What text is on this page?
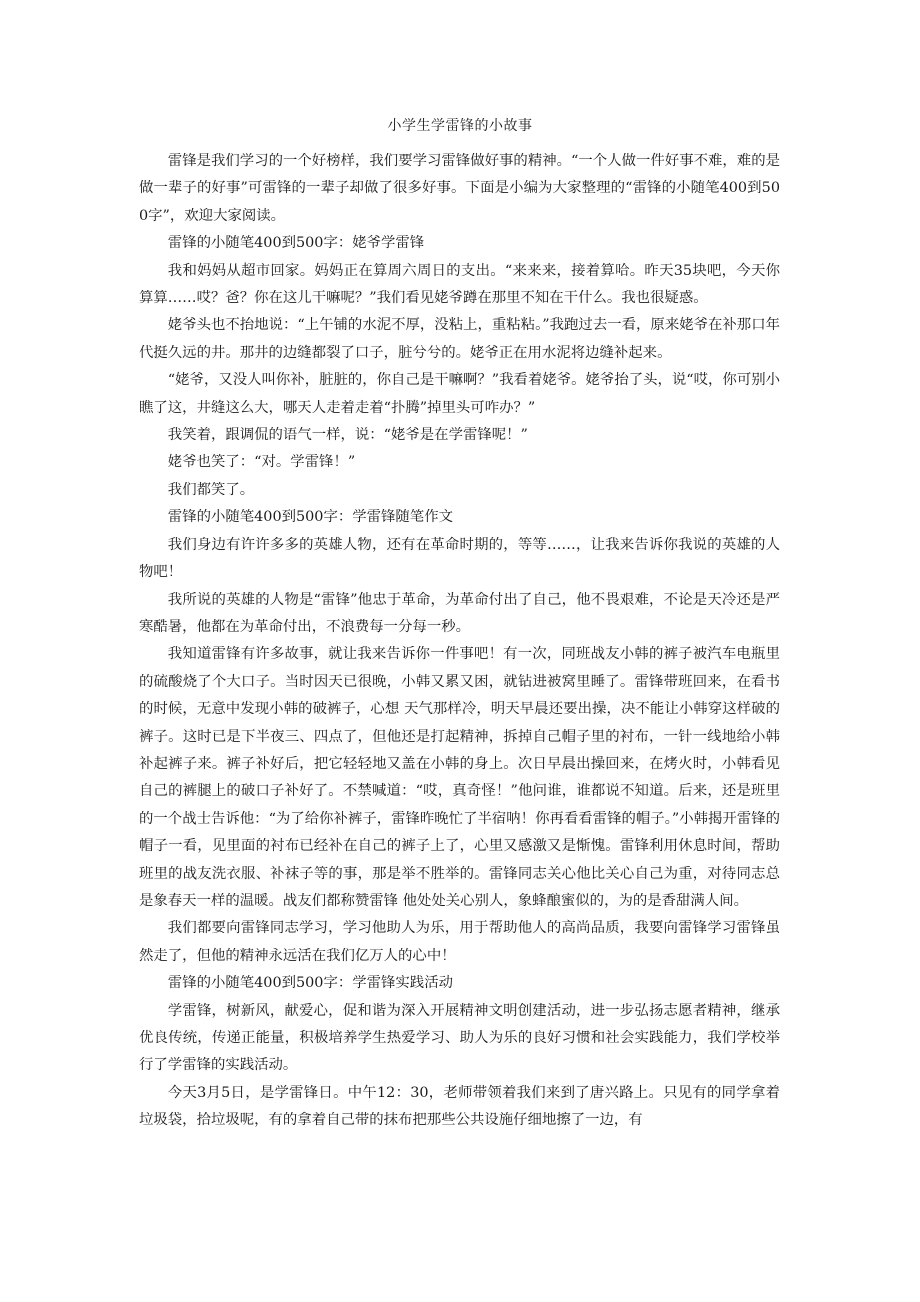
小学生学雷锋的小故事

雷锋是我们学习的一个好榜样，我们要学习雷锋做好事的精神。“一个人做一件好事不难，难的是做一辈子的好事”可雷锋的一辈子却做了很多好事。下面是小编为大家整理的“雷锋的小随笔400到500字”，欢迎大家阅读。

雷锋的小随笔400到500字：姥爷学雷锋

我和妈妈从超市回家。妈妈正在算周六周日的支出。“来来来，接着算哈。昨天35块吧，今天你算算……哎？爸？你在这儿干嘛呢？”我们看见姥爷蹲在那里不知在干什么。我也很疑惑。

姥爷头也不抬地说：“上午铺的水泥不厚，没粘上，重粘粘。”我跑过去一看，原来姥爷在补那口年代挺久远的井。那井的边缝都裂了口子，脏兮兮的。姥爷正在用水泥将边缝补起来。

“姥爷，又没人叫你补，脏脏的，你自己是干嘛啊？”我看着姥爷。姥爷抬了头，说“哎，你可别小瞧了这，井缝这么大，哪天人走着走着“扑腾”掉里头可咋办？”

我笑着，跟调侃的语气一样，说：“姥爷是在学雷锋呢！”

姥爷也笑了：“对。学雷锋！”

我们都笑了。

雷锋的小随笔400到500字：学雷锋随笔作文

我们身边有许许多多的英雄人物，还有在革命时期的，等等……，让我来告诉你我说的英雄的人物吧！

我所说的英雄的人物是“雷锋”他忠于革命，为革命付出了自己，他不畏艰难，不论是天冷还是严寒酷暑，他都在为革命付出，不浪费每一分每一秒。

我知道雷锋有许多故事，就让我来告诉你一件事吧！有一次，同班战友小韩的裤子被汽车电瓶里的硫酸烧了个大口子。当时因天已很晚，小韩又累又困，就钻进被窝里睡了。雷锋带班回来，在看书的时候，无意中发现小韩的破裤子，心想 天气那样冷，明天早晨还要出操，决不能让小韩穿这样破的裤子。这时已是下半夜三、四点了，但他还是打起精神，拆掉自己帽子里的衬布，一针一线地给小韩补起裤子来。裤子补好后，把它轻轻地又盖在小韩的身上。次日早晨出操回来，在烤火时，小韩看见自己的裤腿上的破口子补好了。不禁喊道：“哎，真奇怪！”他问谁，谁都说不知道。后来，还是班里的一个战士告诉他：“为了给你补裤子，雷锋昨晚忙了半宿呐！你再看看雷锋的帽子。”小韩揭开雷锋的帽子一看，见里面的衬布已经补在自己的裤子上了，心里又感激又是惭愧。雷锋利用休息时间，帮助班里的战友洗衣服、补袜子等的事，那是举不胜举的。雷锋同志关心他比关心自己为重，对待同志总是象春天一样的温暖。战友们都称赞雷锋 他处处关心别人，象蜂酿蜜似的，为的是香甜满人间。

我们都要向雷锋同志学习，学习他助人为乐，用于帮助他人的高尚品质，我要向雷锋学习雷锋虽然走了，但他的精神永远活在我们亿万人的心中！

雷锋的小随笔400到500字：学雷锋实践活动

学雷锋，树新风，献爱心，促和谐为深入开展精神文明创建活动，进一步弘扬志愿者精神，继承优良传统，传递正能量，积极培养学生热爱学习、助人为乐的良好习惯和社会实践能力，我们学校举行了学雷锋的实践活动。

今天3月5日，是学雷锋日。中午12：30，老师带领着我们来到了唐兴路上。只见有的同学拿着垃圾袋，拾垃圾呢，有的拿着自己带的抹布把那些公共设施仔细地擦了一边，有
